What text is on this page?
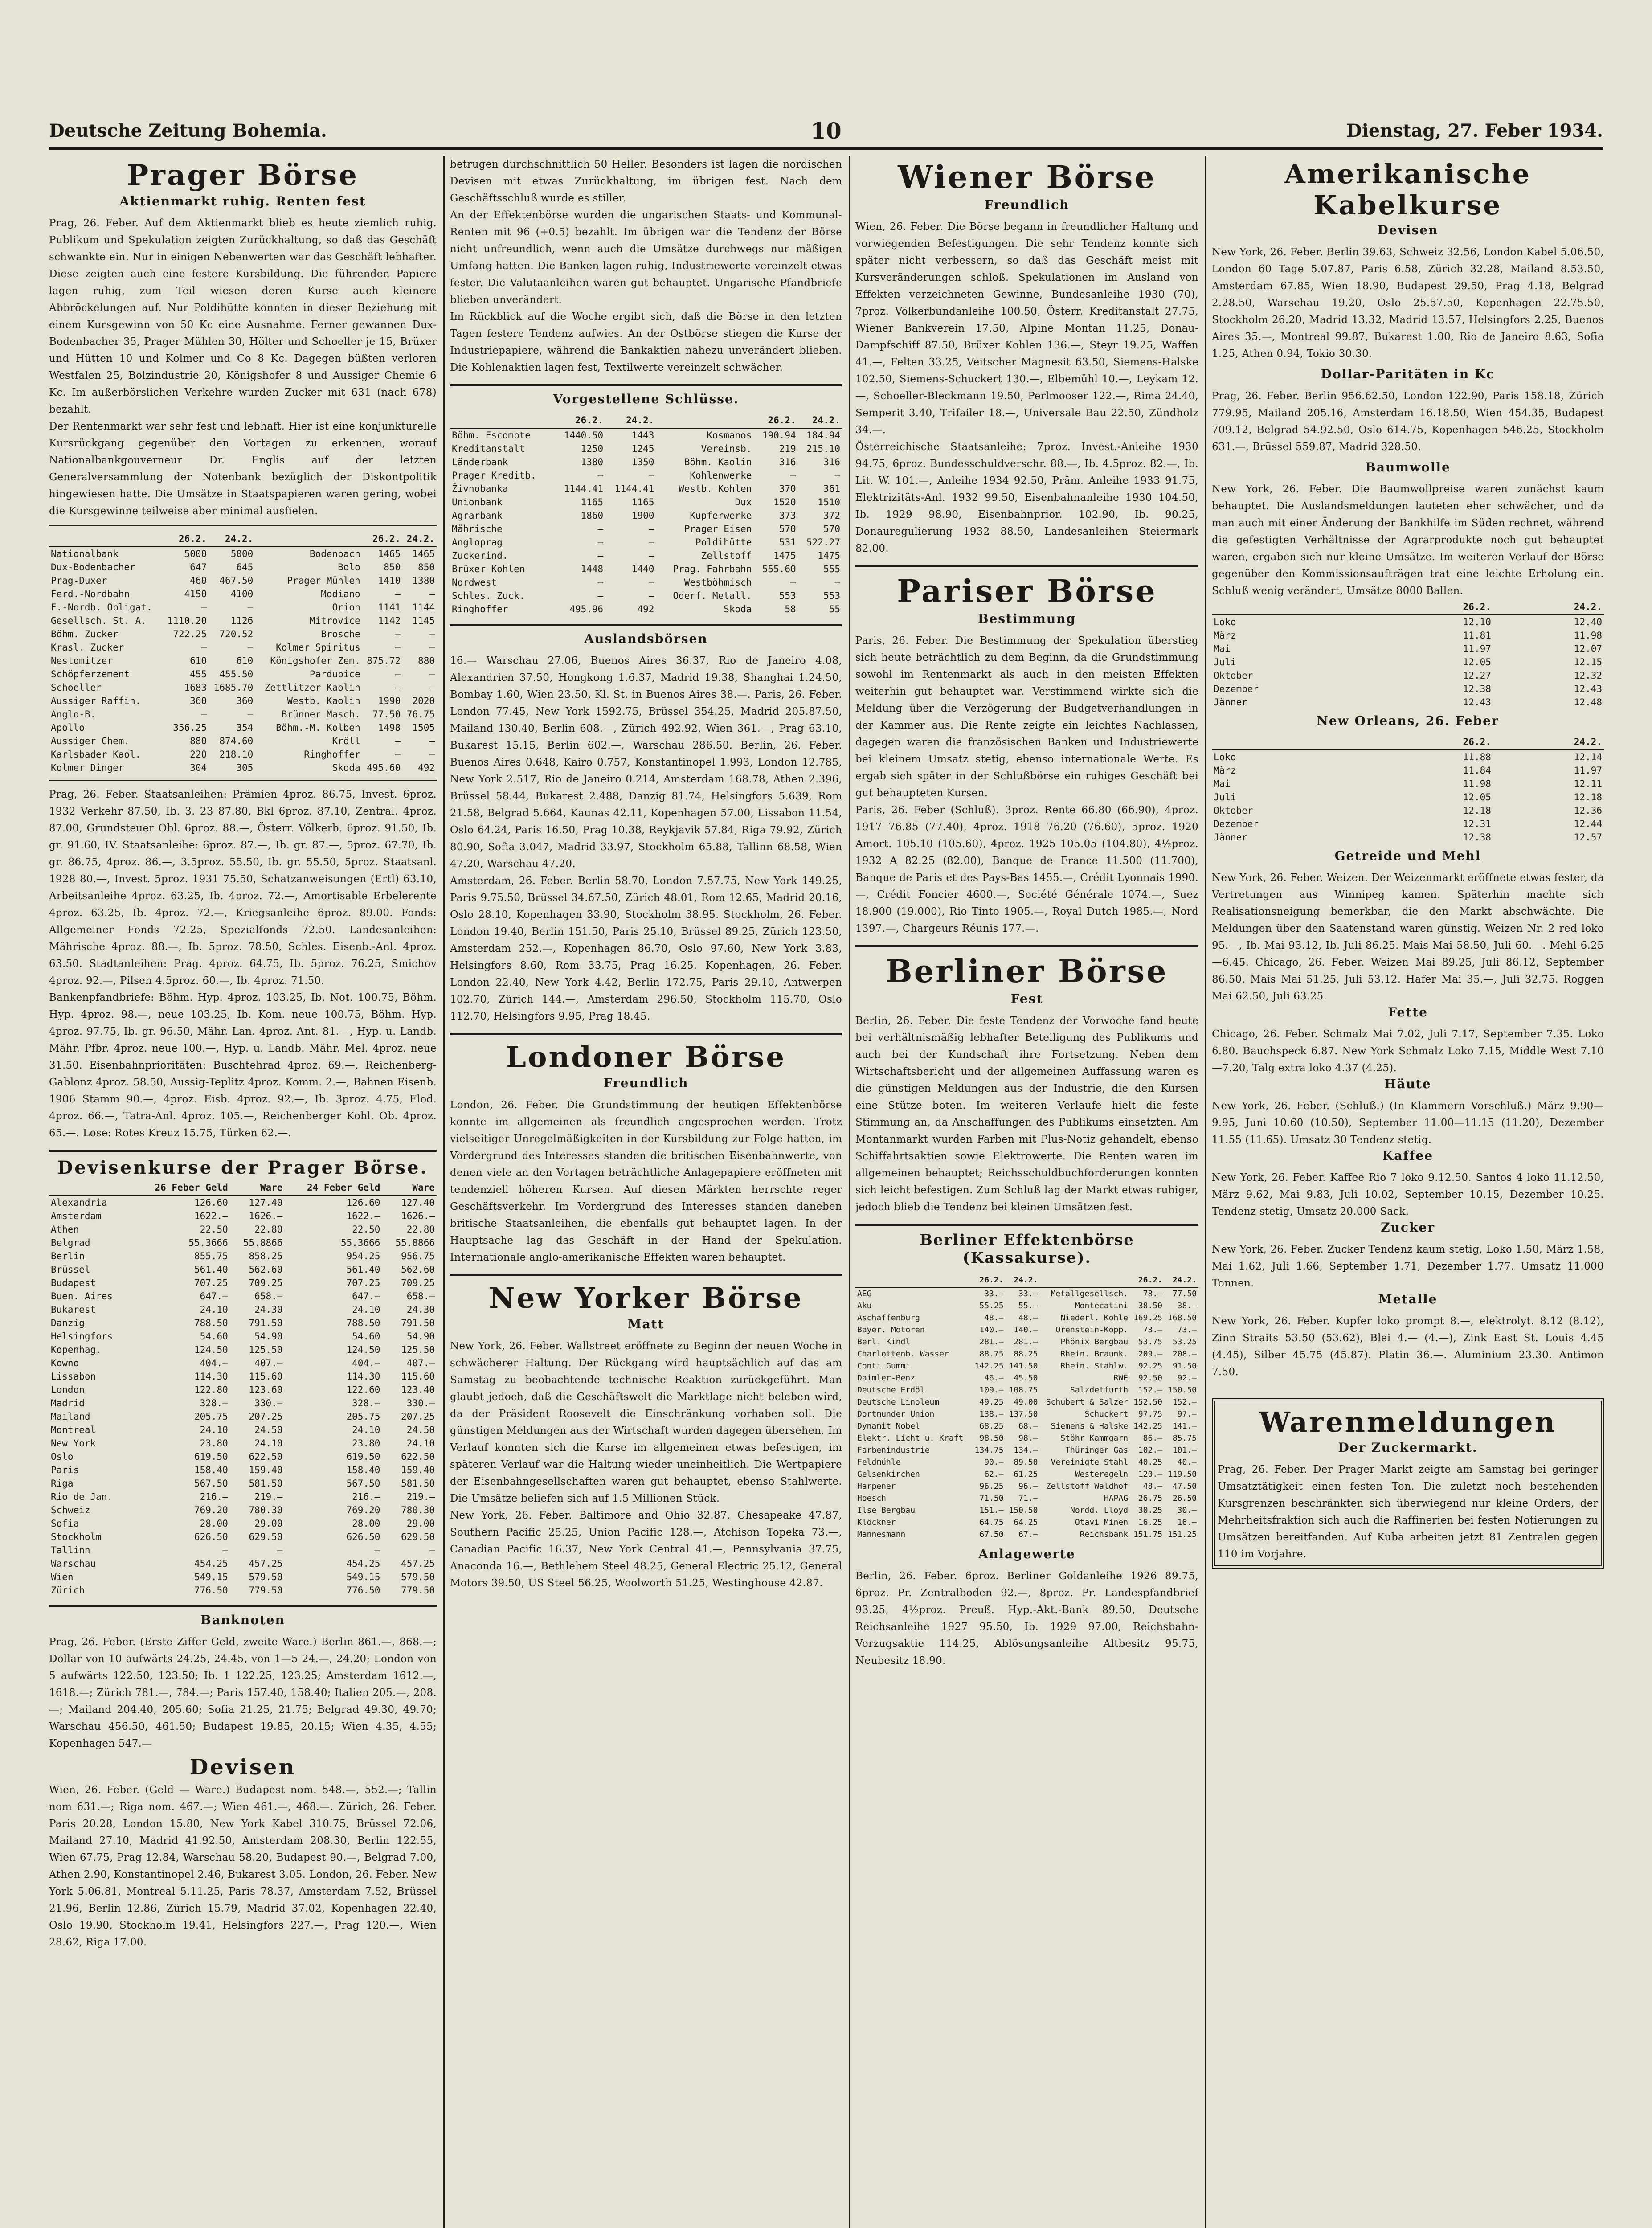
Deutsche Zeitung Bohemia.	10	Dienstag, 27. Feber 1934.
Prager Börse
Aktienmarkt ruhig. Renten fest
Prag, 26. Feber. Auf dem Aktienmarkt blieb es heute ziemlich ruhig. Publikum und Spekulation zeigten Zurückhaltung, so daß das Geschäft schwankte ein. Nur in einigen Nebenwerten war das Geschäft lebhafter. Diese zeigten auch eine festere Kursbildung. Die führenden Papiere lagen ruhig, zum Teil wiesen deren Kurse auch kleinere Abbröckelungen auf. Nur Poldihütte konnten in dieser Beziehung mit einem Kursgewinn von 50 Kc eine Ausnahme. Ferner gewannen Dux-Bodenbacher 35, Prager Mühlen 30, Hölter und Schoeller je 15, Brüxer und Hütten 10 und Kolmer und Co 8 Kc. Dagegen büßten verloren Westfalen 25, Bolzindustrie 20, Königshofer 8 und Aussiger Chemie 6 Kc. Im außerbörslichen Verkehre wurden Zucker mit 631 (nach 678) bezahlt.
Der Rentenmarkt war sehr fest und lebhaft. Hier ist eine konjunkturelle Kursrückgang gegenüber den Vortagen zu erkennen, worauf Nationalbankgouverneur Dr. Englis auf der letzten Generalversammlung der Notenbank bezüglich der Diskontpolitik hingewiesen hatte. Die Umsätze in Staatspapieren waren gering, wobei die Kursgewinne teilweise aber minimal ausfielen.
	26.2.	24.2.		26.2.	24.2.
Nationalbank	5000	5000	Bodenbach	1465	1465
Dux-Bodenbacher	647	645	Bolo	850	850
Prag-Duxer	460	467.50	Prager Mühlen	1410	1380
Ferd.-Nordbahn	4150	4100	Modiano	—	—
F.-Nordb. Obligat.	—	—	Orion	1141	1144
Gesellsch. St. A.	1110.20	1126	Mitrovice	1142	1145
Böhm. Zucker	722.25	720.52	Brosche	—	—
Krasl. Zucker	—	—	Kolmer Spiritus	—	—
Nestomitzer	610	610	Königshofer Zem.	875.72	880
Schöpferzement	455	455.50	Pardubice	—	—
Schoeller	1683	1685.70	Zettlitzer Kaolin	—	—
Aussiger Raffin.	360	360	Westb. Kaolin	1990	2020
Anglo-B.	—	—	Brünner Masch.	77.50	76.75
Apollo	356.25	354	Böhm.-M. Kolben	1498	1505
Aussiger Chem.	880	874.60	Kröll	—	—
Karlsbader Kaol.	220	218.10	Ringhoffer	—	—
Kolmer Dinger	304	305	Skoda	495.60	492
Prag, 26. Feber. Staatsanleihen: Prämien 4proz. 86.75, Invest. 6proz. 1932 Verkehr 87.50, Ib. 3. 23 87.80, Bkl 6proz. 87.10, Zentral. 4proz. 87.00, Grundsteuer Obl. 6proz. 88.—, Österr. Völkerb. 6proz. 91.50, Ib. gr. 91.60, IV. Staatsanleihe: 6proz. 87.—, Ib. gr. 87.—, 5proz. 67.70, Ib. gr. 86.75, 4proz. 86.—, 3.5proz. 55.50, Ib. gr. 55.50, 5proz. Staatsanl. 1928 80.—, Invest. 5proz. 1931 75.50, Schatzanweisungen (Ertl) 63.10, Arbeitsanleihe 4proz. 63.25, Ib. 4proz. 72.—, Amortisable Erbelerente 4proz. 63.25, Ib. 4proz. 72.—, Kriegsanleihe 6proz. 89.00. Fonds: Allgemeiner Fonds 72.25, Spezialfonds 72.50. Landesanleihen: Mährische 4proz. 88.—, Ib. 5proz. 78.50, Schles. Eisenb.-Anl. 4proz. 63.50. Stadtanleihen: Prag. 4proz. 64.75, Ib. 5proz. 76.25, Smichov 4proz. 92.—, Pilsen 4.5proz. 60.—, Ib. 4proz. 71.50.
Bankenpfandbriefe: Böhm. Hyp. 4proz. 103.25, Ib. Not. 100.75, Böhm. Hyp. 4proz. 98.—, neue 103.25, Ib. Kom. neue 100.75, Böhm. Hyp. 4proz. 97.75, Ib. gr. 96.50, Mähr. Lan. 4proz. Ant. 81.—, Hyp. u. Landb. Mähr. Pfbr. 4proz. neue 100.—, Hyp. u. Landb. Mähr. Mel. 4proz. neue 31.50. Eisenbahnprioritäten: Buschtehrad 4proz. 69.—, Reichenberg-Gablonz 4proz. 58.50, Aussig-Teplitz 4proz. Komm. 2.—, Bahnen Eisenb. 1906 Stamm 90.—, 4proz. Eisb. 4proz. 92.—, Ib. 3proz. 4.75, Flod. 4proz. 66.—, Tatra-Anl. 4proz. 105.—, Reichenberger Kohl. Ob. 4proz. 65.—. Lose: Rotes Kreuz 15.75, Türken 62.—.
Devisenkurse der Prager Börse.
	26 Feber Geld	Ware	24 Feber Geld	Ware
Alexandria	126.60	127.40	126.60	127.40
Amsterdam	1622.—	1626.—	1622.—	1626.—
Athen	22.50	22.80	22.50	22.80
Belgrad	55.3666	55.8866	55.3666	55.8866
Berlin	855.75	858.25	954.25	956.75
Brüssel	561.40	562.60	561.40	562.60
Budapest	707.25	709.25	707.25	709.25
Buen. Aires	647.—	658.—	647.—	658.—
Bukarest	24.10	24.30	24.10	24.30
Danzig	788.50	791.50	788.50	791.50
Helsingfors	54.60	54.90	54.60	54.90
Kopenhag.	124.50	125.50	124.50	125.50
Kowno	404.—	407.—	404.—	407.—
Lissabon	114.30	115.60	114.30	115.60
London	122.80	123.60	122.60	123.40
Madrid	328.—	330.—	328.—	330.—
Mailand	205.75	207.25	205.75	207.25
Montreal	24.10	24.50	24.10	24.50
New York	23.80	24.10	23.80	24.10
Oslo	619.50	622.50	619.50	622.50
Paris	158.40	159.40	158.40	159.40
Riga	567.50	581.50	567.50	581.50
Rio de Jan.	216.—	219.—	216.—	219.—
Schweiz	769.20	780.30	769.20	780.30
Sofia	28.00	29.00	28.00	29.00
Stockholm	626.50	629.50	626.50	629.50
Tallinn	—	—	—	—
Warschau	454.25	457.25	454.25	457.25
Wien	549.15	579.50	549.15	579.50
Zürich	776.50	779.50	776.50	779.50
Banknoten
Prag, 26. Feber. (Erste Ziffer Geld, zweite Ware.) Berlin 861.—, 868.—; Dollar von 10 aufwärts 24.25, 24.45, von 1—5 24.—, 24.20; London von 5 aufwärts 122.50, 123.50; Ib. 1 122.25, 123.25; Amsterdam 1612.—, 1618.—; Zürich 781.—, 784.—; Paris 157.40, 158.40; Italien 205.—, 208.—; Mailand 204.40, 205.60; Sofia 21.25, 21.75; Belgrad 49.30, 49.70; Warschau 456.50, 461.50; Budapest 19.85, 20.15; Wien 4.35, 4.55; Kopenhagen 547.—
Devisen
Wien, 26. Feber. (Geld — Ware.) Budapest nom. 548.—, 552.—; Tallin nom 631.—; Riga nom. 467.—; Wien 461.—, 468.—. Zürich, 26. Feber. Paris 20.28, London 15.80, New York Kabel 310.75, Brüssel 72.06, Mailand 27.10, Madrid 41.92.50, Amsterdam 208.30, Berlin 122.55, Wien 67.75, Prag 12.84, Warschau 58.20, Budapest 90.—, Belgrad 7.00, Athen 2.90, Konstantinopel 2.46, Bukarest 3.05. London, 26. Feber. New York 5.06.81, Montreal 5.11.25, Paris 78.37, Amsterdam 7.52, Brüssel 21.96, Berlin 12.86, Zürich 15.79, Madrid 37.02, Kopenhagen 22.40, Oslo 19.90, Stockholm 19.41, Helsingfors 227.—, Prag 120.—, Wien 28.62, Riga 17.00.
betrugen durchschnittlich 50 Heller. Besonders ist lagen die nordischen Devisen mit etwas Zurückhaltung, im übrigen fest. Nach dem Geschäftsschluß wurde es stiller.
An der Effektenbörse wurden die ungarischen Staats- und Kommunal-Renten mit 96 (+0.5) bezahlt. Im übrigen war die Tendenz der Börse nicht unfreundlich, wenn auch die Umsätze durchwegs nur mäßigen Umfang hatten. Die Banken lagen ruhig, Industriewerte vereinzelt etwas fester. Die Valutaanleihen waren gut behauptet. Ungarische Pfandbriefe blieben unverändert.
Im Rückblick auf die Woche ergibt sich, daß die Börse in den letzten Tagen festere Tendenz aufwies. An der Ostbörse stiegen die Kurse der Industriepapiere, während die Bankaktien nahezu unverändert blieben. Die Kohlenaktien lagen fest, Textilwerte vereinzelt schwächer.
Vorgestellene Schlüsse.
	26.2.	24.2.		26.2.	24.2.
Böhm. Escompte	1440.50	1443	Kosmanos	190.94	184.94
Kreditanstalt	1250	1245	Vereinsb.	219	215.10
Länderbank	1380	1350	Böhm. Kaolin	316	316
Prager Kreditb.	—	—	Kohlenwerke	—	—
Živnobanka	1144.41	1144.41	Westb. Kohlen	370	361
Unionbank	1165	1165	Dux	1520	1510
Agrarbank	1860	1900	Kupferwerke	373	372
Mährische	—	—	Prager Eisen	570	570
Angloprag	—	—	Poldihütte	531	522.27
Zuckerind.	—	—	Zellstoff	1475	1475
Brüxer Kohlen	1448	1440	Prag. Fahrbahn	555.60	555
Nordwest	—	—	Westböhmisch	—	—
Schles. Zuck.	—	—	Oderf. Metall.	553	553
Ringhoffer	495.96	492	Skoda	58	55
Auslandsbörsen
16.— Warschau 27.06, Buenos Aires 36.37, Rio de Janeiro 4.08, Alexandrien 37.50, Hongkong 1.6.37, Madrid 19.38, Shanghai 1.24.50, Bombay 1.60, Wien 23.50, Kl. St. in Buenos Aires 38.—. Paris, 26. Feber. London 77.45, New York 1592.75, Brüssel 354.25, Madrid 205.87.50, Mailand 130.40, Berlin 608.—, Zürich 492.92, Wien 361.—, Prag 63.10, Bukarest 15.15, Berlin 602.—, Warschau 286.50. Berlin, 26. Feber. Buenos Aires 0.648, Kairo 0.757, Konstantinopel 1.993, London 12.785, New York 2.517, Rio de Janeiro 0.214, Amsterdam 168.78, Athen 2.396, Brüssel 58.44, Bukarest 2.488, Danzig 81.74, Helsingfors 5.639, Rom 21.58, Belgrad 5.664, Kaunas 42.11, Kopenhagen 57.00, Lissabon 11.54, Oslo 64.24, Paris 16.50, Prag 10.38, Reykjavik 57.84, Riga 79.92, Zürich 80.90, Sofia 3.047, Madrid 33.97, Stockholm 65.88, Tallinn 68.58, Wien 47.20, Warschau 47.20.
Amsterdam, 26. Feber. Berlin 58.70, London 7.57.75, New York 149.25, Paris 9.75.50, Brüssel 34.67.50, Zürich 48.01, Rom 12.65, Madrid 20.16, Oslo 28.10, Kopenhagen 33.90, Stockholm 38.95. Stockholm, 26. Feber. London 19.40, Berlin 151.50, Paris 25.10, Brüssel 89.25, Zürich 123.50, Amsterdam 252.—, Kopenhagen 86.70, Oslo 97.60, New York 3.83, Helsingfors 8.60, Rom 33.75, Prag 16.25. Kopenhagen, 26. Feber. London 22.40, New York 4.42, Berlin 172.75, Paris 29.10, Antwerpen 102.70, Zürich 144.—, Amsterdam 296.50, Stockholm 115.70, Oslo 112.70, Helsingfors 9.95, Prag 18.45.
Londoner Börse
Freundlich
London, 26. Feber. Die Grundstimmung der heutigen Effektenbörse konnte im allgemeinen als freundlich angesprochen werden. Trotz vielseitiger Unregelmäßigkeiten in der Kursbildung zur Folge hatten, im Vordergrund des Interesses standen die britischen Eisenbahnwerte, von denen viele an den Vortagen beträchtliche Anlagepapiere eröffneten mit tendenziell höheren Kursen. Auf diesen Märkten herrschte reger Geschäftsverkehr. Im Vordergrund des Interesses standen daneben britische Staatsanleihen, die ebenfalls gut behauptet lagen. In der Hauptsache lag das Geschäft in der Hand der Spekulation. Internationale anglo-amerikanische Effekten waren behauptet.
New Yorker Börse
Matt
New York, 26. Feber. Wallstreet eröffnete zu Beginn der neuen Woche in schwächerer Haltung. Der Rückgang wird hauptsächlich auf das am Samstag zu beobachtende technische Reaktion zurückgeführt. Man glaubt jedoch, daß die Geschäftswelt die Marktlage nicht beleben wird, da der Präsident Roosevelt die Einschränkung vorhaben soll. Die günstigen Meldungen aus der Wirtschaft wurden dagegen übersehen. Im Verlauf konnten sich die Kurse im allgemeinen etwas befestigen, im späteren Verlauf war die Haltung wieder uneinheitlich. Die Wertpapiere der Eisenbahngesellschaften waren gut behauptet, ebenso Stahlwerte. Die Umsätze beliefen sich auf 1.5 Millionen Stück.
New York, 26. Feber. Baltimore and Ohio 32.87, Chesapeake 47.87, Southern Pacific 25.25, Union Pacific 128.—, Atchison Topeka 73.—, Canadian Pacific 16.37, New York Central 41.—, Pennsylvania 37.75, Anaconda 16.—, Bethlehem Steel 48.25, General Electric 25.12, General Motors 39.50, US Steel 56.25, Woolworth 51.25, Westinghouse 42.87.
Wiener Börse
Freundlich
Wien, 26. Feber. Die Börse begann in freundlicher Haltung und vorwiegenden Befestigungen. Die sehr Tendenz konnte sich später nicht verbessern, so daß das Geschäft meist mit Kursveränderungen schloß. Spekulationen im Ausland von Effekten verzeichneten Gewinne, Bundesanleihe 1930 (70), 7proz. Völkerbundanleihe 100.50, Österr. Kreditanstalt 27.75, Wiener Bankverein 17.50, Alpine Montan 11.25, Donau-Dampfschiff 87.50, Brüxer Kohlen 136.—, Steyr 19.25, Waffen 41.—, Felten 33.25, Veitscher Magnesit 63.50, Siemens-Halske 102.50, Siemens-Schuckert 130.—, Elbemühl 10.—, Leykam 12.—, Schoeller-Bleckmann 19.50, Perlmooser 122.—, Rima 24.40, Semperit 3.40, Trifailer 18.—, Universale Bau 22.50, Zündholz 34.—.
Österreichische Staatsanleihe: 7proz. Invest.-Anleihe 1930 94.75, 6proz. Bundesschuldverschr. 88.—, Ib. 4.5proz. 82.—, Ib. Lit. W. 101.—, Anleihe 1934 92.50, Präm. Anleihe 1933 91.75, Elektrizitäts-Anl. 1932 99.50, Eisenbahnanleihe 1930 104.50, Ib. 1929 98.90, Eisenbahnprior. 102.90, Ib. 90.25, Donauregulierung 1932 88.50, Landesanleihen Steiermark 82.00.
Pariser Börse
Bestimmung
Paris, 26. Feber. Die Bestimmung der Spekulation überstieg sich heute beträchtlich zu dem Beginn, da die Grundstimmung sowohl im Rentenmarkt als auch in den meisten Effekten weiterhin gut behauptet war. Verstimmend wirkte sich die Meldung über die Verzögerung der Budgetverhandlungen in der Kammer aus. Die Rente zeigte ein leichtes Nachlassen, dagegen waren die französischen Banken und Industriewerte bei kleinem Umsatz stetig, ebenso internationale Werte. Es ergab sich später in der Schlußbörse ein ruhiges Geschäft bei gut behaupteten Kursen.
Paris, 26. Feber (Schluß). 3proz. Rente 66.80 (66.90), 4proz. 1917 76.85 (77.40), 4proz. 1918 76.20 (76.60), 5proz. 1920 Amort. 105.10 (105.60), 4proz. 1925 105.05 (104.80), 4½proz. 1932 A 82.25 (82.00), Banque de France 11.500 (11.700), Banque de Paris et des Pays-Bas 1455.—, Crédit Lyonnais 1990.—, Crédit Foncier 4600.—, Société Générale 1074.—, Suez 18.900 (19.000), Rio Tinto 1905.—, Royal Dutch 1985.—, Nord 1397.—, Chargeurs Réunis 177.—.
Berliner Börse
Fest
Berlin, 26. Feber. Die feste Tendenz der Vorwoche fand heute bei verhältnismäßig lebhafter Beteiligung des Publikums und auch bei der Kundschaft ihre Fortsetzung. Neben dem Wirtschaftsbericht und der allgemeinen Auffassung waren es die günstigen Meldungen aus der Industrie, die den Kursen eine Stütze boten. Im weiteren Verlaufe hielt die feste Stimmung an, da Anschaffungen des Publikums einsetzten. Am Montanmarkt wurden Farben mit Plus-Notiz gehandelt, ebenso Schiffahrtsaktien sowie Elektrowerte. Die Renten waren im allgemeinen behauptet; Reichsschuldbuchforderungen konnten sich leicht befestigen. Zum Schluß lag der Markt etwas ruhiger, jedoch blieb die Tendenz bei kleinen Umsätzen fest.
Berliner Effektenbörse (Kassakurse).
	26.2.	24.2.		26.2.	24.2.
AEG	33.—	33.—	Metallgesellsch.	78.—	77.50
Aku	55.25	55.—	Montecatini	38.50	38.—
Aschaffenburg	48.—	48.—	Niederl. Kohle	169.25	168.50
Bayer. Motoren	140.—	140.—	Orenstein-Kopp.	73.—	73.—
Berl. Kindl	281.—	281.—	Phönix Bergbau	53.75	53.25
Charlottenb. Wasser	88.75	88.25	Rhein. Braunk.	209.—	208.—
Conti Gummi	142.25	141.50	Rhein. Stahlw.	92.25	91.50
Daimler-Benz	46.—	45.50	RWE	92.50	92.—
Deutsche Erdöl	109.—	108.75	Salzdetfurth	152.—	150.50
Deutsche Linoleum	49.25	49.00	Schubert & Salzer	152.50	152.—
Dortmunder Union	138.—	137.50	Schuckert	97.75	97.—
Dynamit Nobel	68.25	68.—	Siemens & Halske	142.25	141.—
Elektr. Licht u. Kraft	98.50	98.—	Stöhr Kammgarn	86.—	85.75
Farbenindustrie	134.75	134.—	Thüringer Gas	102.—	101.—
Feldmühle	90.—	89.50	Vereinigte Stahl	40.25	40.—
Gelsenkirchen	62.—	61.25	Westeregeln	120.—	119.50
Harpener	96.25	96.—	Zellstoff Waldhof	48.—	47.50
Hoesch	71.50	71.—	HAPAG	26.75	26.50
Ilse Bergbau	151.—	150.50	Nordd. Lloyd	30.25	30.—
Klöckner	64.75	64.25	Otavi Minen	16.25	16.—
Mannesmann	67.50	67.—	Reichsbank	151.75	151.25
Anlagewerte
Berlin, 26. Feber. 6proz. Berliner Goldanleihe 1926 89.75, 6proz. Pr. Zentralboden 92.—, 8proz. Pr. Landespfandbrief 93.25, 4½proz. Preuß. Hyp.-Akt.-Bank 89.50, Deutsche Reichsanleihe 1927 95.50, Ib. 1929 97.00, Reichsbahn-Vorzugsaktie 114.25, Ablösungsanleihe Altbesitz 95.75, Neubesitz 18.90.
Amerikanische Kabelkurse
Devisen
New York, 26. Feber. Berlin 39.63, Schweiz 32.56, London Kabel 5.06.50, London 60 Tage 5.07.87, Paris 6.58, Zürich 32.28, Mailand 8.53.50, Amsterdam 67.85, Wien 18.90, Budapest 29.50, Prag 4.18, Belgrad 2.28.50, Warschau 19.20, Oslo 25.57.50, Kopenhagen 22.75.50, Stockholm 26.20, Madrid 13.32, Madrid 13.57, Helsingfors 2.25, Buenos Aires 35.—, Montreal 99.87, Bukarest 1.00, Rio de Janeiro 8.63, Sofia 1.25, Athen 0.94, Tokio 30.30.
Dollar-Paritäten in Kc
Prag, 26. Feber. Berlin 956.62.50, London 122.90, Paris 158.18, Zürich 779.95, Mailand 205.16, Amsterdam 16.18.50, Wien 454.35, Budapest 709.12, Belgrad 54.92.50, Oslo 614.75, Kopenhagen 546.25, Stockholm 631.—, Brüssel 559.87, Madrid 328.50.
Baumwolle
New York, 26. Feber. Die Baumwollpreise waren zunächst kaum behauptet. Die Auslandsmeldungen lauteten eher schwächer, und da man auch mit einer Änderung der Bankhilfe im Süden rechnet, während die gefestigten Verhältnisse der Agrarprodukte noch gut behauptet waren, ergaben sich nur kleine Umsätze. Im weiteren Verlauf der Börse gegenüber den Kommissionsaufträgen trat eine leichte Erholung ein. Schluß wenig verändert, Umsätze 8000 Ballen.
	26.2.	24.2.
Loko	12.10	12.40
März	11.81	11.98
Mai	11.97	12.07
Juli	12.05	12.15
Oktober	12.27	12.32
Dezember	12.38	12.43
Jänner	12.43	12.48
New Orleans, 26. Feber
	26.2.	24.2.
Loko	11.88	12.14
März	11.84	11.97
Mai	11.98	12.11
Juli	12.05	12.18
Oktober	12.18	12.36
Dezember	12.31	12.44
Jänner	12.38	12.57
Getreide und Mehl
New York, 26. Feber. Weizen. Der Weizenmarkt eröffnete etwas fester, da Vertretungen aus Winnipeg kamen. Späterhin machte sich Realisationsneigung bemerkbar, die den Markt abschwächte. Die Meldungen über den Saatenstand waren günstig. Weizen Nr. 2 red loko 95.—, Ib. Mai 93.12, Ib. Juli 86.25. Mais Mai 58.50, Juli 60.—. Mehl 6.25—6.45. Chicago, 26. Feber. Weizen Mai 89.25, Juli 86.12, September 86.50. Mais Mai 51.25, Juli 53.12. Hafer Mai 35.—, Juli 32.75. Roggen Mai 62.50, Juli 63.25.
Fette
Chicago, 26. Feber. Schmalz Mai 7.02, Juli 7.17, September 7.35. Loko 6.80. Bauchspeck 6.87. New York Schmalz Loko 7.15, Middle West 7.10—7.20, Talg extra loko 4.37 (4.25).
Häute
New York, 26. Feber. (Schluß.) (In Klammern Vorschluß.) März 9.90—9.95, Juni 10.60 (10.50), September 11.00—11.15 (11.20), Dezember 11.55 (11.65). Umsatz 30 Tendenz stetig.
Kaffee
New York, 26. Feber. Kaffee Rio 7 loko 9.12.50. Santos 4 loko 11.12.50, März 9.62, Mai 9.83, Juli 10.02, September 10.15, Dezember 10.25. Tendenz stetig, Umsatz 20.000 Sack.
Zucker
New York, 26. Feber. Zucker Tendenz kaum stetig, Loko 1.50, März 1.58, Mai 1.62, Juli 1.66, September 1.71, Dezember 1.77. Umsatz 11.000 Tonnen.
Metalle
New York, 26. Feber. Kupfer loko prompt 8.—, elektrolyt. 8.12 (8.12), Zinn Straits 53.50 (53.62), Blei 4.— (4.—), Zink East St. Louis 4.45 (4.45), Silber 45.75 (45.87). Platin 36.—. Aluminium 23.30. Antimon 7.50.
Warenmeldungen
Der Zuckermarkt.
Prag, 26. Feber. Der Prager Markt zeigte am Samstag bei geringer Umsatztätigkeit einen festen Ton. Die zuletzt noch bestehenden Kursgrenzen beschränkten sich überwiegend nur kleine Orders, der Mehrheitsfraktion sich auch die Raffinerien bei festen Notierungen zu Umsätzen bereitfanden. Auf Kuba arbeiten jetzt 81 Zentralen gegen 110 im Vorjahre.
